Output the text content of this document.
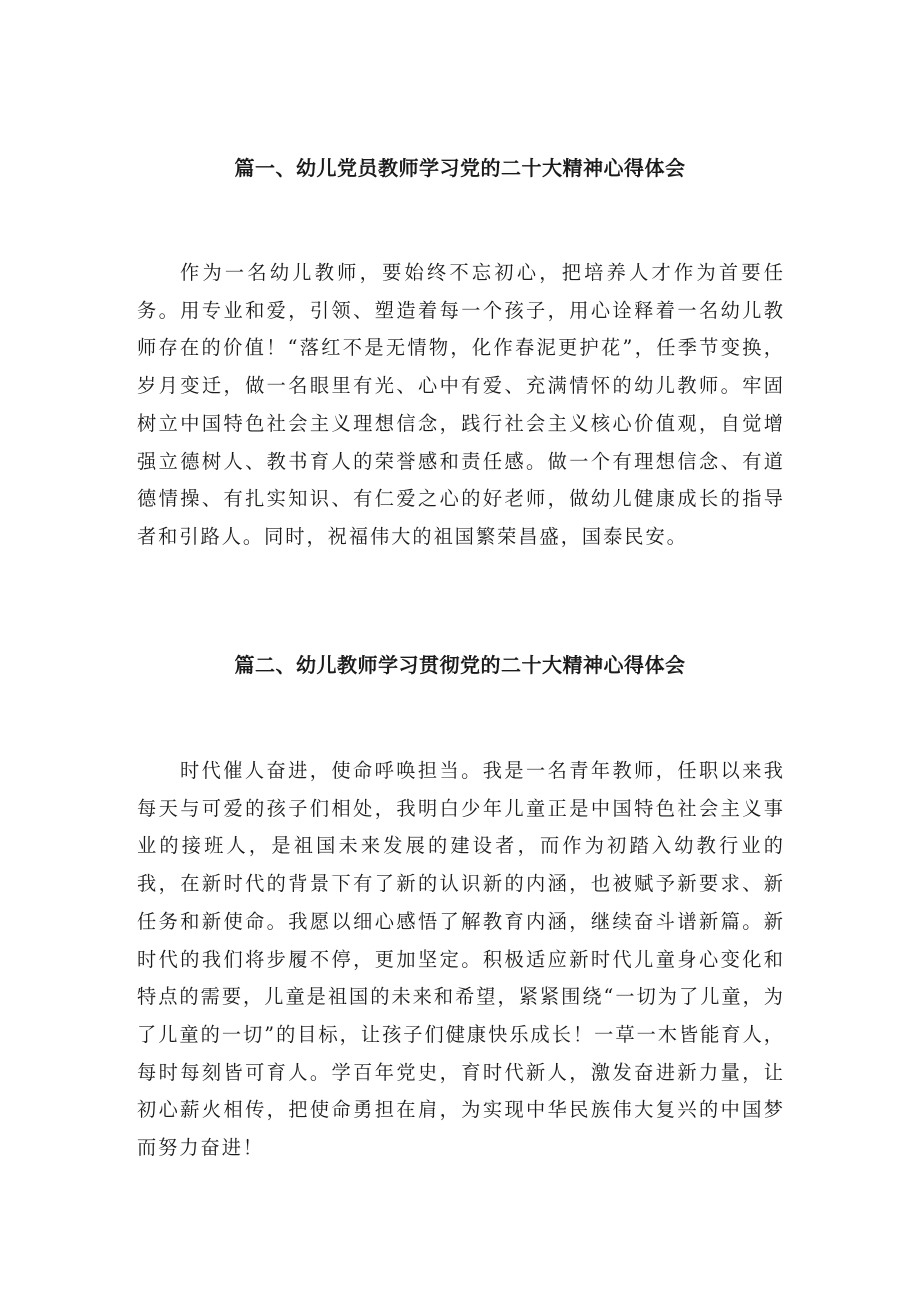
篇一、幼儿党员教师学习党的二十大精神心得体会

作为一名幼儿教师，要始终不忘初心，把培养人才作为首要任务。用专业和爱，引领、塑造着每一个孩子，用心诠释着一名幼儿教师存在的价值！“落红不是无情物，化作春泥更护花”，任季节变换，岁月变迁，做一名眼里有光、心中有爱、充满情怀的幼儿教师。牢固树立中国特色社会主义理想信念，践行社会主义核心价值观，自觉增强立德树人、教书育人的荣誉感和责任感。做一个有理想信念、有道德情操、有扎实知识、有仁爱之心的好老师，做幼儿健康成长的指导者和引路人。同时，祝福伟大的祖国繁荣昌盛，国泰民安。

篇二、幼儿教师学习贯彻党的二十大精神心得体会

时代催人奋进，使命呼唤担当。我是一名青年教师，任职以来我每天与可爱的孩子们相处，我明白少年儿童正是中国特色社会主义事业的接班人，是祖国未来发展的建设者，而作为初踏入幼教行业的我，在新时代的背景下有了新的认识新的内涵，也被赋予新要求、新任务和新使命。我愿以细心感悟了解教育内涵，继续奋斗谱新篇。新时代的我们将步履不停，更加坚定。积极适应新时代儿童身心变化和特点的需要，儿童是祖国的未来和希望，紧紧围绕“一切为了儿童，为了儿童的一切”的目标，让孩子们健康快乐成长！一草一木皆能育人，每时每刻皆可育人。学百年党史，育时代新人，激发奋进新力量，让初心薪火相传，把使命勇担在肩，为实现中华民族伟大复兴的中国梦而努力奋进！
